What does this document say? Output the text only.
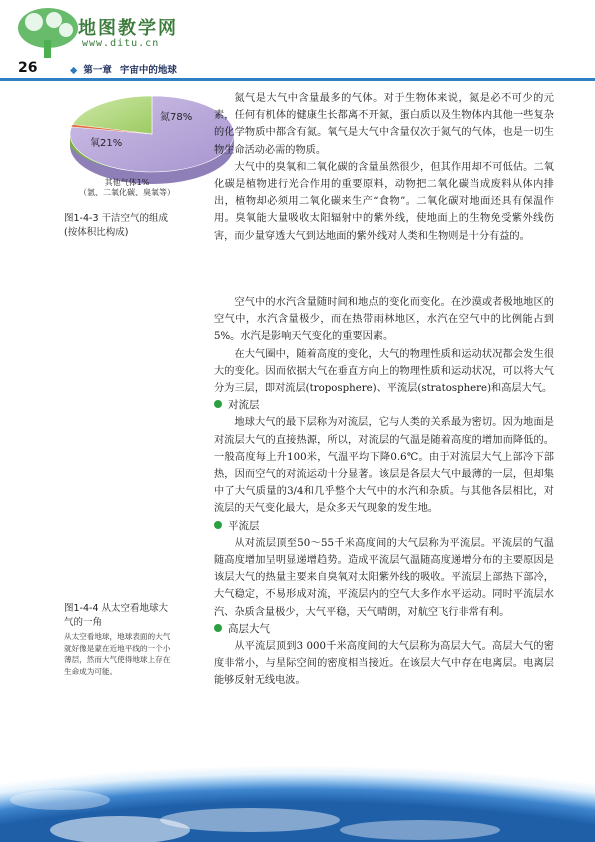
地图教学网
www.ditu.cn
26	◆ 第一章 宇宙中的地球
氮78%
氧21%
其他气体1%
（氩、二氧化碳、臭氧等）
图1-4-3 干洁空气的组成(按体积比构成)
图1-4-4 从太空看地球大气的一角
从太空看地球，地球表面的大气就好像是蒙在近地平线的一个小薄层，然而大气使得地球上存在生命成为可能。

氮气是大气中含量最多的气体。对于生物体来说，氮是必不可少的元素，任何有机体的健康生长都离不开氮，蛋白质以及生物体内其他一些复杂的化学物质中都含有氮。氧气是大气中含量仅次于氮气的气体，也是一切生物生命活动必需的物质。

大气中的臭氧和二氧化碳的含量虽然很少，但其作用却不可低估。二氧化碳是植物进行光合作用的重要原料，动物把二氧化碳当成废料从体内排出，植物却必须用二氧化碳来生产“食物”。二氧化碳对地面还具有保温作用。臭氧能大量吸收太阳辐射中的紫外线，使地面上的生物免受紫外线伤害，而少量穿透大气到达地面的紫外线对人类和生物则是十分有益的。

空气中的水汽含量随时间和地点的变化而变化。在沙漠或者极地地区的空气中，水汽含量极少，而在热带雨林地区，水汽在空气中的比例能占到5%。水汽是影响天气变化的重要因素。

在大气圈中，随着高度的变化，大气的物理性质和运动状况都会发生很大的变化。因而依据大气在垂直方向上的物理性质和运动状况，可以将大气分为三层，即对流层(troposphere)、平流层(stratosphere)和高层大气。

对流层

地球大气的最下层称为对流层，它与人类的关系最为密切。因为地面是对流层大气的直接热源，所以，对流层的气温是随着高度的增加而降低的。一般高度每上升100米，气温平均下降0.6℃。由于对流层大气上部冷下部热，因而空气的对流运动十分显著。该层是各层大气中最薄的一层，但却集中了大气质量的3/4和几乎整个大气中的水汽和杂质。与其他各层相比，对流层的天气变化最大，是众多天气现象的发生地。

平流层

从对流层顶至50～55千米高度间的大气层称为平流层。平流层的气温随高度增加呈明显递增趋势。造成平流层气温随高度递增分布的主要原因是该层大气的热量主要来自臭氧对太阳紫外线的吸收。平流层上部热下部冷，大气稳定，不易形成对流，平流层内的空气大多作水平运动。同时平流层水汽、杂质含量极少，大气平稳，天气晴朗，对航空飞行非常有利。

高层大气

从平流层顶到3 000千米高度间的大气层称为高层大气。高层大气的密度非常小，与星际空间的密度相当接近。在该层大气中存在电离层。电离层能够反射无线电波。
